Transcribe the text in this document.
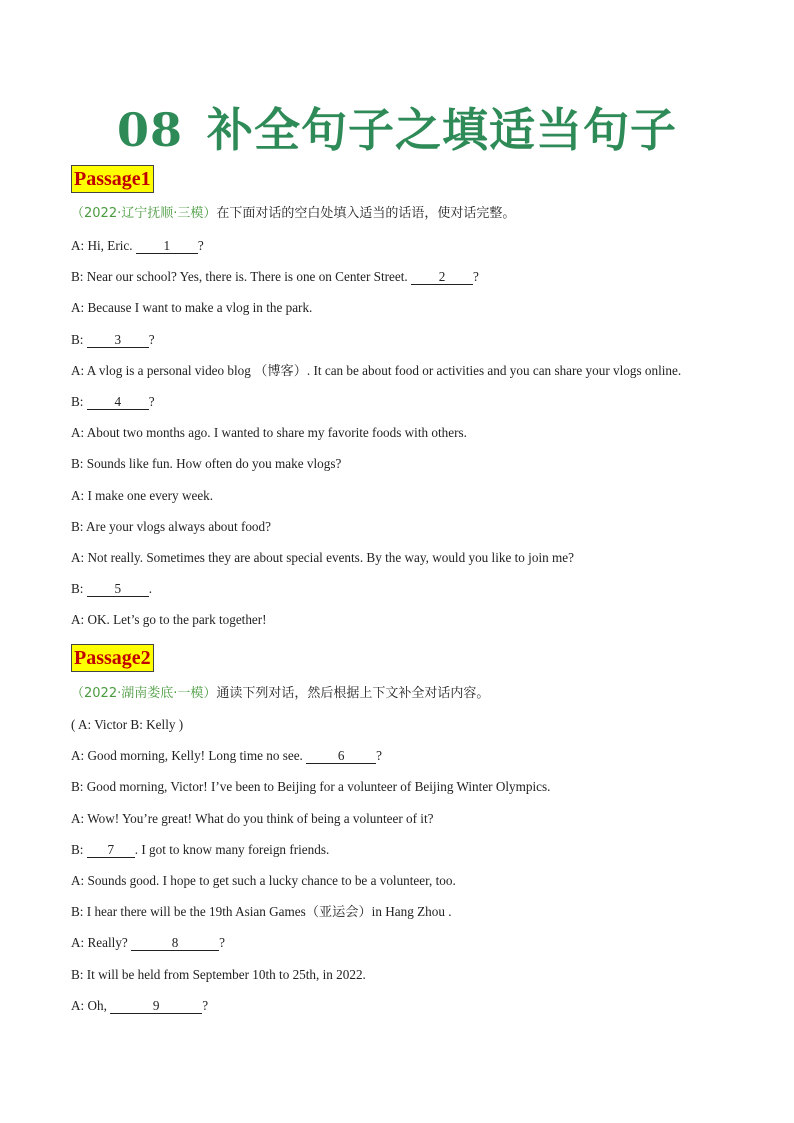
08 补全句子之填适当句子
Passage1
（2022·辽宁抚顺·三模）在下面对话的空白处填入适当的话语，使对话完整。
A: Hi, Eric. 1 ?
B: Near our school? Yes, there is. There is one on Center Street. 2 ?
A: Because I want to make a vlog in the park.
B: 3 ?
A: A vlog is a personal video blog （博客）. It can be about food or activities and you can share your vlogs online.
B: 4 ?
A: About two months ago. I wanted to share my favorite foods with others.
B: Sounds like fun. How often do you make vlogs?
A: I make one every week.
B: Are your vlogs always about food?
A: Not really. Sometimes they are about special events. By the way, would you like to join me?
B: 5 .
A: OK. Let’s go to the park together!
Passage2
（2022·湖南娄底·一模）通读下列对话，然后根据上下文补全对话内容。
( A: Victor B: Kelly )
A: Good morning, Kelly! Long time no see. 6 ?
B: Good morning, Victor! I’ve been to Beijing for a volunteer of Beijing Winter Olympics.
A: Wow! You’re great! What do you think of being a volunteer of it?
B: 7 . I got to know many foreign friends.
A: Sounds good. I hope to get such a lucky chance to be a volunteer, too.
B: I hear there will be the 19th Asian Games（亚运会）in Hang Zhou .
A: Really?	8	?
B: It will be held from September 10th to 25th, in 2022.
A: Oh,	9	?
